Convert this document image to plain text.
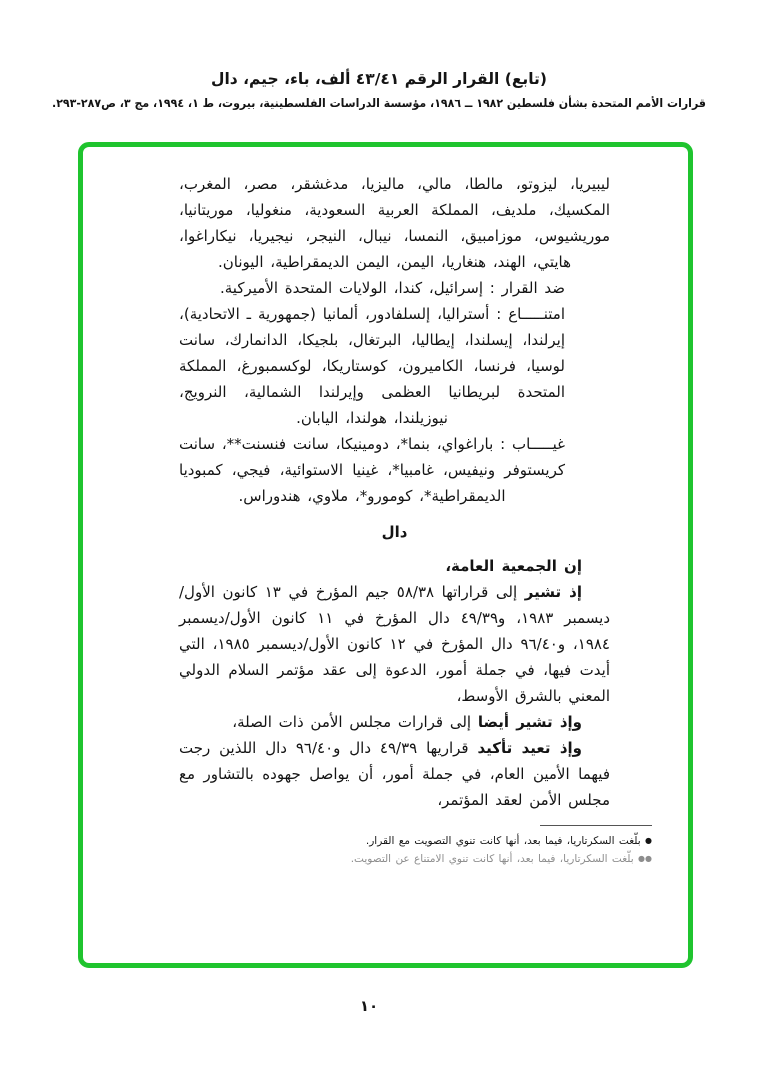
(تابع) القرار الرقم ٤٣/٤١ ألف، باء، جيم، دال
قرارات الأمم المتحدة بشأن فلسطين ١٩٨٢ ــ ١٩٨٦، مؤسسة الدراسات الفلسطينية، بيروت، ط ١، ١٩٩٤، مج ٣، ص٢٨٧-٢٩٣.

ليبيريا، ليزوتو، مالطا، مالي، ماليزيا، مدغشقر، مصر، المغرب، المكسيك، ملديف، المملكة العربية السعودية، منغوليا، موريتانيا، موريشيوس، موزامبيق، النمسا، نيبال، النيجر، نيجيريا، نيكاراغوا، هايتي، الهند، هنغاريا، اليمن، اليمن الديمقراطية، اليونان.

ضد القرار : إسرائيل، كندا، الولايات المتحدة الأميركية.

امتنـــــاع : أستراليا، إلسلفادور، ألمانيا (جمهورية ـ الاتحادية)، إيرلندا، إيسلندا، إيطاليا، البرتغال، بلجيكا، الدانمارك، سانت لوسيا، فرنسا، الكاميرون، كوستاريكا، لوكسمبورغ، المملكة المتحدة لبريطانيا العظمى وإيرلندا الشمالية، النرويج، نيوزيلندا، هولندا، اليابان.

غيـــــاب : باراغواي، بنما*، دومينيكا، سانت فنسنت**، سانت كريستوفر ونيفيس، غامبيا*، غينيا الاستوائية، فيجي، كمبوديا الديمقراطية*، كومورو*، ملاوي، هندوراس.

دال

إن الجمعية العامة،

إذ تشير إلى قراراتها ٥٨/٣٨ جيم المؤرخ في ١٣ كانون الأول/ديسمبر ١٩٨٣، و٤٩/٣٩ دال المؤرخ في ١١ كانون الأول/ديسمبر ١٩٨٤، و٩٦/٤٠ دال المؤرخ في ١٢ كانون الأول/ديسمبر ١٩٨٥، التي أيدت فيها، في جملة أمور، الدعوة إلى عقد مؤتمر السلام الدولي المعني بالشرق الأوسط،

وإذ تشير أيضا إلى قرارات مجلس الأمن ذات الصلة،

وإذ تعيد تأكيد قراريها ٤٩/٣٩ دال و٩٦/٤٠ دال اللذين رجت فيهما الأمين العام، في جملة أمور، أن يواصل جهوده بالتشاور مع مجلس الأمن لعقد المؤتمر،

● بلّغت السكرتاريا، فيما بعد، أنها كانت تنوي التصويت مع القرار.
●● بلّغت السكرتاريا، فيما بعد، أنها كانت تنوي الامتناع عن التصويت.
١٠
